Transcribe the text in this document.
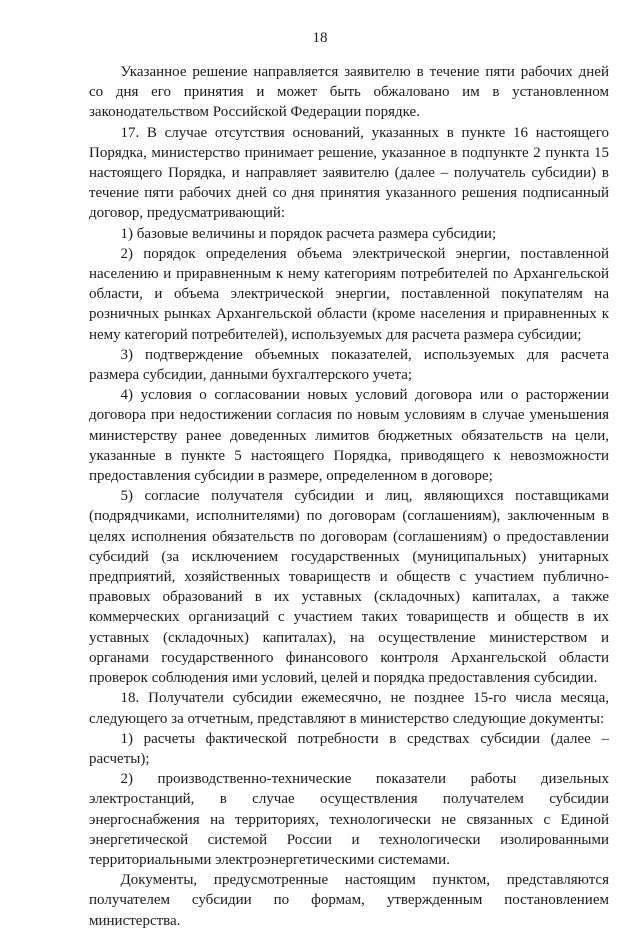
18

Указанное решение направляется заявителю в течение пяти рабочих дней со дня его принятия и может быть обжаловано им в установленном законодательством Российской Федерации порядке.

17. В случае отсутствия оснований, указанных в пункте 16 настоящего Порядка, министерство принимает решение, указанное в подпункте 2 пункта 15 настоящего Порядка, и направляет заявителю (далее – получатель субсидии) в течение пяти рабочих дней со дня принятия указанного решения подписанный договор, предусматривающий:

1) базовые величины и порядок расчета размера субсидии;

2) порядок определения объема электрической энергии, поставленной населению и приравненным к нему категориям потребителей по Архангельской области, и объема электрической энергии, поставленной покупателям на розничных рынках Архангельской области (кроме населения и приравненных к нему категорий потребителей), используемых для расчета размера субсидии;

3) подтверждение объемных показателей, используемых для расчета размера субсидии, данными бухгалтерского учета;

4) условия о согласовании новых условий договора или о расторжении договора при недостижении согласия по новым условиям в случае уменьшения министерству ранее доведенных лимитов бюджетных обязательств на цели, указанные в пункте 5 настоящего Порядка, приводящего к невозможности предоставления субсидии в размере, определенном в договоре;

5) согласие получателя субсидии и лиц, являющихся поставщиками (подрядчиками, исполнителями) по договорам (соглашениям), заключенным в целях исполнения обязательств по договорам (соглашениям) о предоставлении субсидий (за исключением государственных (муниципальных) унитарных предприятий, хозяйственных товариществ и обществ с участием публично-правовых образований в их уставных (складочных) капиталах, а также коммерческих организаций с участием таких товариществ и обществ в их уставных (складочных) капиталах), на осуществление министерством и органами государственного финансового контроля Архангельской области проверок соблюдения ими условий, целей и порядка предоставления субсидии.

18. Получатели субсидии ежемесячно, не позднее 15-го числа месяца, следующего за отчетным, представляют в министерство следующие документы:

1) расчеты фактической потребности в средствах субсидии (далее – расчеты);

2) производственно-технические показатели работы дизельных электростанций, в случае осуществления получателем субсидии энергоснабжения на территориях, технологически не связанных с Единой энергетической системой России и технологически изолированными территориальными электроэнергетическими системами.

Документы, предусмотренные настоящим пунктом, представляются получателем субсидии по формам, утвержденным постановлением министерства.
